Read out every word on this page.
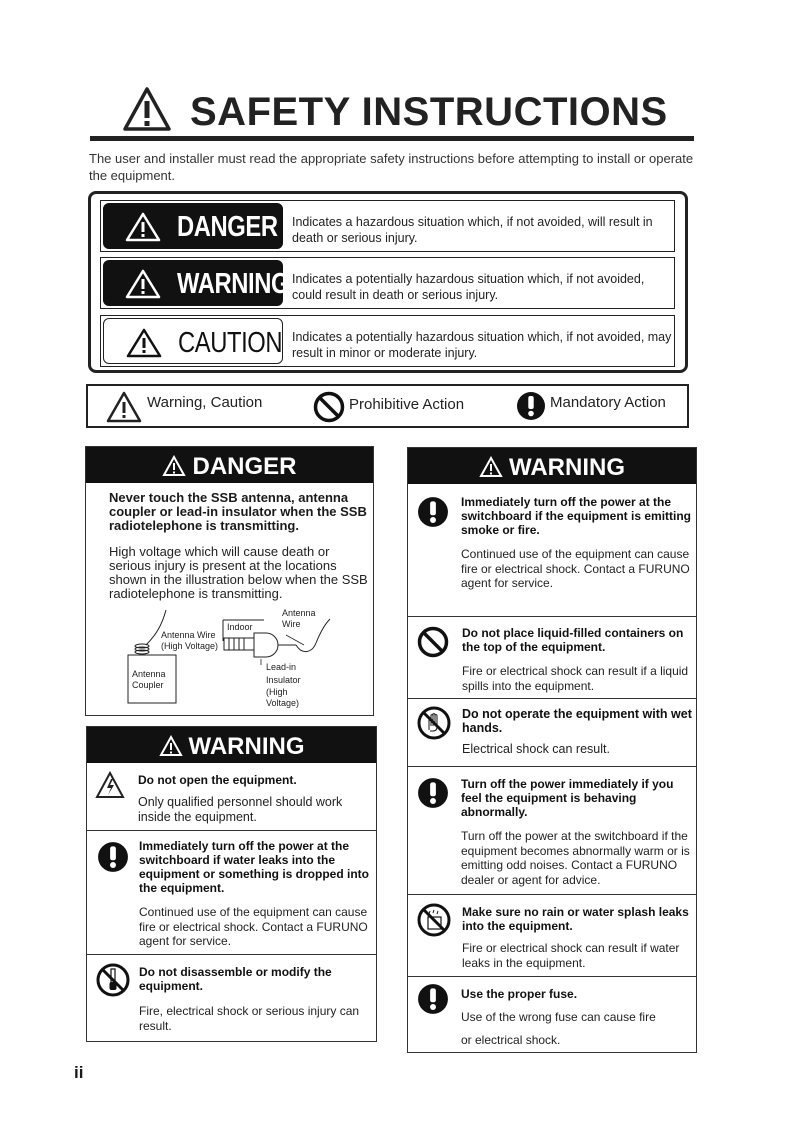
SAFETY INSTRUCTIONS
The user and installer must read the appropriate safety instructions before attempting to install or operate the equipment.
DANGER Indicates a hazardous situation which, if not avoided, will result in death or serious injury.
WARNING Indicates a potentially hazardous situation which, if not avoided, could result in death or serious injury.
CAUTION Indicates a potentially hazardous situation which, if not avoided, may result in minor or moderate injury.
Warning, Caution	Prohibitive Action	Mandatory Action
DANGER
Never touch the SSB antenna, antenna coupler or lead-in insulator when the SSB radiotelephone is transmitting.
High voltage which will cause death or serious injury is present at the locations shown in the illustration below when the SSB radiotelephone is transmitting.
Antenna Wire
(High Voltage)
Indoor
Antenna
Wire
Antenna
Coupler
Lead-in
Insulator
(High
Voltage)
WARNING
Do not open the equipment.
Only qualified personnel should work inside the equipment.
Immediately turn off the power at the switchboard if water leaks into the equipment or something is dropped into the equipment.
Continued use of the equipment can cause fire or electrical shock. Contact a FURUNO agent for service.
Do not disassemble or modify the equipment.
Fire, electrical shock or serious injury can result.
WARNING
Immediately turn off the power at the switchboard if the equipment is emitting smoke or fire.
Continued use of the equipment can cause fire or electrical shock. Contact a FURUNO agent for service.
Do not place liquid-filled containers on the top of the equipment.
Fire or electrical shock can result if a liquid spills into the equipment.
Do not operate the equipment with wet hands.
Electrical shock can result.
Turn off the power immediately if you feel the equipment is behaving abnormally.
Turn off the power at the switchboard if the equipment becomes abnormally warm or is emitting odd noises. Contact a FURUNO dealer or agent for advice.
Make sure no rain or water splash leaks into the equipment.
Fire or electrical shock can result if water leaks in the equipment.
Use the proper fuse.
Use of the wrong fuse can cause fire
or electrical shock.
ii
